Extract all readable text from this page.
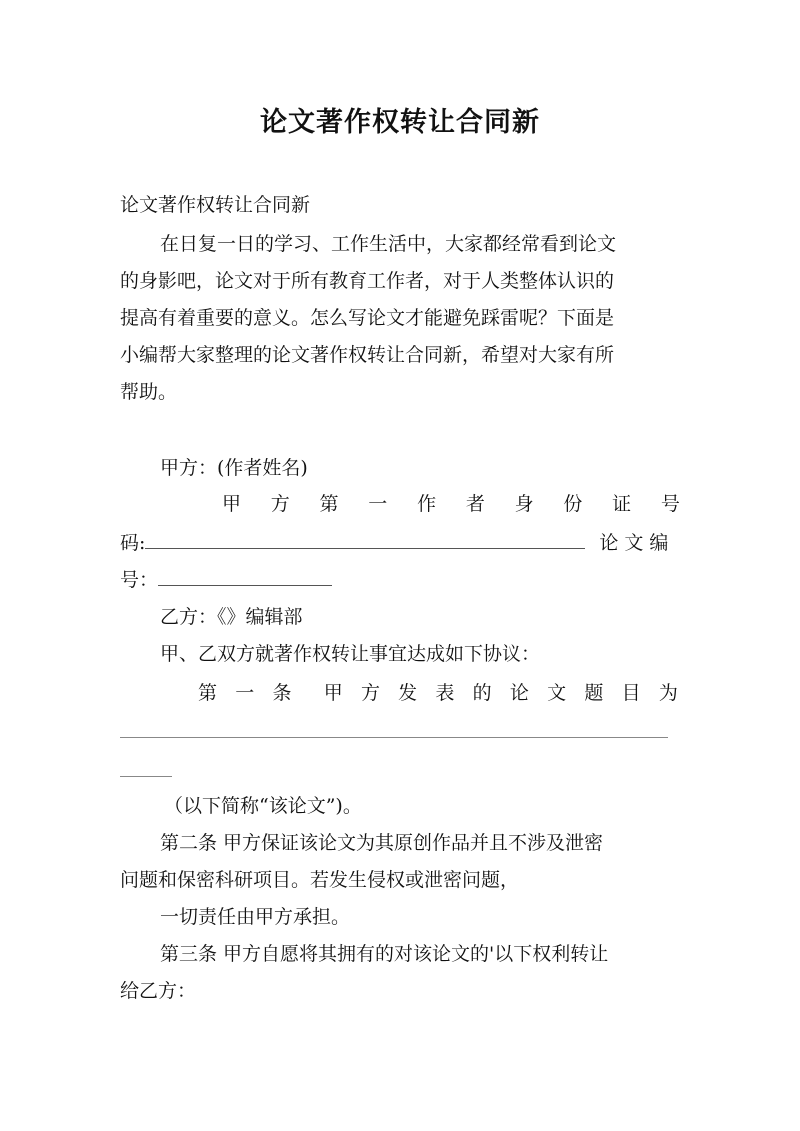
论文著作权转让合同新
论文著作权转让合同新
在日复一日的学习、工作生活中，大家都经常看到论文
的身影吧，论文对于所有教育工作者，对于人类整体认识的
提高有着重要的意义。怎么写论文才能避免踩雷呢？下面是
小编帮大家整理的论文著作权转让合同新，希望对大家有所
帮助。
甲方：(作者姓名)
甲 方 第 一 作 者 身 份 证 号
码:	论文编
号：
乙方：《》编辑部
甲、乙双方就著作权转让事宜达成如下协议：
第 一 条 甲 方 发 表 的 论 文 题 目 为
（以下简称“该论文”)。
第二条 甲方保证该论文为其原创作品并且不涉及泄密
问题和保密科研项目。若发生侵权或泄密问题，
一切责任由甲方承担。
第三条 甲方自愿将其拥有的对该论文的'以下权利转让
给乙方：
